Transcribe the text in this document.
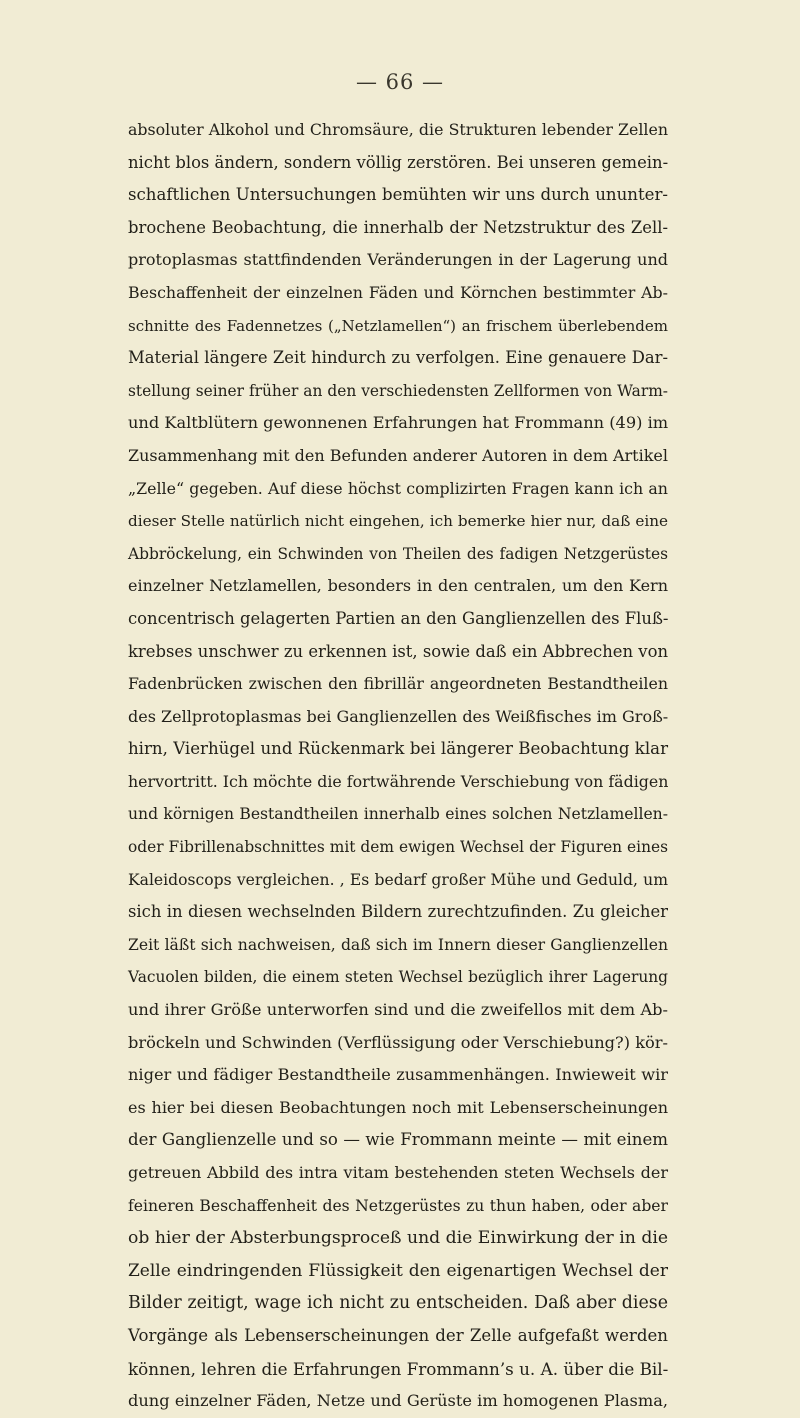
— 66 —
absoluter Alkohol und Chromsäure, die Strukturen lebender Zellen
nicht blos ändern, sondern völlig zerstören. Bei unseren gemein-
schaftlichen Untersuchungen bemühten wir uns durch ununter-
brochene Beobachtung, die innerhalb der Netzstruktur des Zell-
protoplasmas stattfindenden Veränderungen in der Lagerung und
Beschaffenheit der einzelnen Fäden und Körnchen bestimmter Ab-
schnitte des Fadennetzes („Netzlamellen“) an frischem überlebendem
Material längere Zeit hindurch zu verfolgen. Eine genauere Dar-
stellung seiner früher an den verschiedensten Zellformen von Warm-
und Kaltblütern gewonnenen Erfahrungen hat Frommann (49) im
Zusammenhang mit den Befunden anderer Autoren in dem Artikel
„Zelle“ gegeben. Auf diese höchst complizirten Fragen kann ich an
dieser Stelle natürlich nicht eingehen, ich bemerke hier nur, daß eine
Abbröckelung, ein Schwinden von Theilen des fadigen Netzgerüstes
einzelner Netzlamellen, besonders in den centralen, um den Kern
concentrisch gelagerten Partien an den Ganglienzellen des Fluß-
krebses unschwer zu erkennen ist, sowie daß ein Abbrechen von
Fadenbrücken zwischen den fibrillär angeordneten Bestandtheilen
des Zellprotoplasmas bei Ganglienzellen des Weißfisches im Groß-
hirn, Vierhügel und Rückenmark bei längerer Beobachtung klar
hervortritt. Ich möchte die fortwährende Verschiebung von fädigen
und körnigen Bestandtheilen innerhalb eines solchen Netzlamellen-
oder Fibrillenabschnittes mit dem ewigen Wechsel der Figuren eines
Kaleidoscops vergleichen. , Es bedarf großer Mühe und Geduld, um
sich in diesen wechselnden Bildern zurechtzufinden. Zu gleicher
Zeit läßt sich nachweisen, daß sich im Innern dieser Ganglienzellen
Vacuolen bilden, die einem steten Wechsel bezüglich ihrer Lagerung
und ihrer Größe unterworfen sind und die zweifellos mit dem Ab-
bröckeln und Schwinden (Verflüssigung oder Verschiebung?) kör-
niger und fädiger Bestandtheile zusammenhängen. Inwieweit wir
es hier bei diesen Beobachtungen noch mit Lebenserscheinungen
der Ganglienzelle und so — wie Frommann meinte — mit einem
getreuen Abbild des intra vitam bestehenden steten Wechsels der
feineren Beschaffenheit des Netzgerüstes zu thun haben, oder aber
ob hier der Absterbungsproceß und die Einwirkung der in die
Zelle eindringenden Flüssigkeit den eigenartigen Wechsel der
Bilder zeitigt, wage ich nicht zu entscheiden. Daß aber diese
Vorgänge als Lebenserscheinungen der Zelle aufgefaßt werden
können, lehren die Erfahrungen Frommann’s u. A. über die Bil-
dung einzelner Fäden, Netze und Gerüste im homogenen Plasma,
